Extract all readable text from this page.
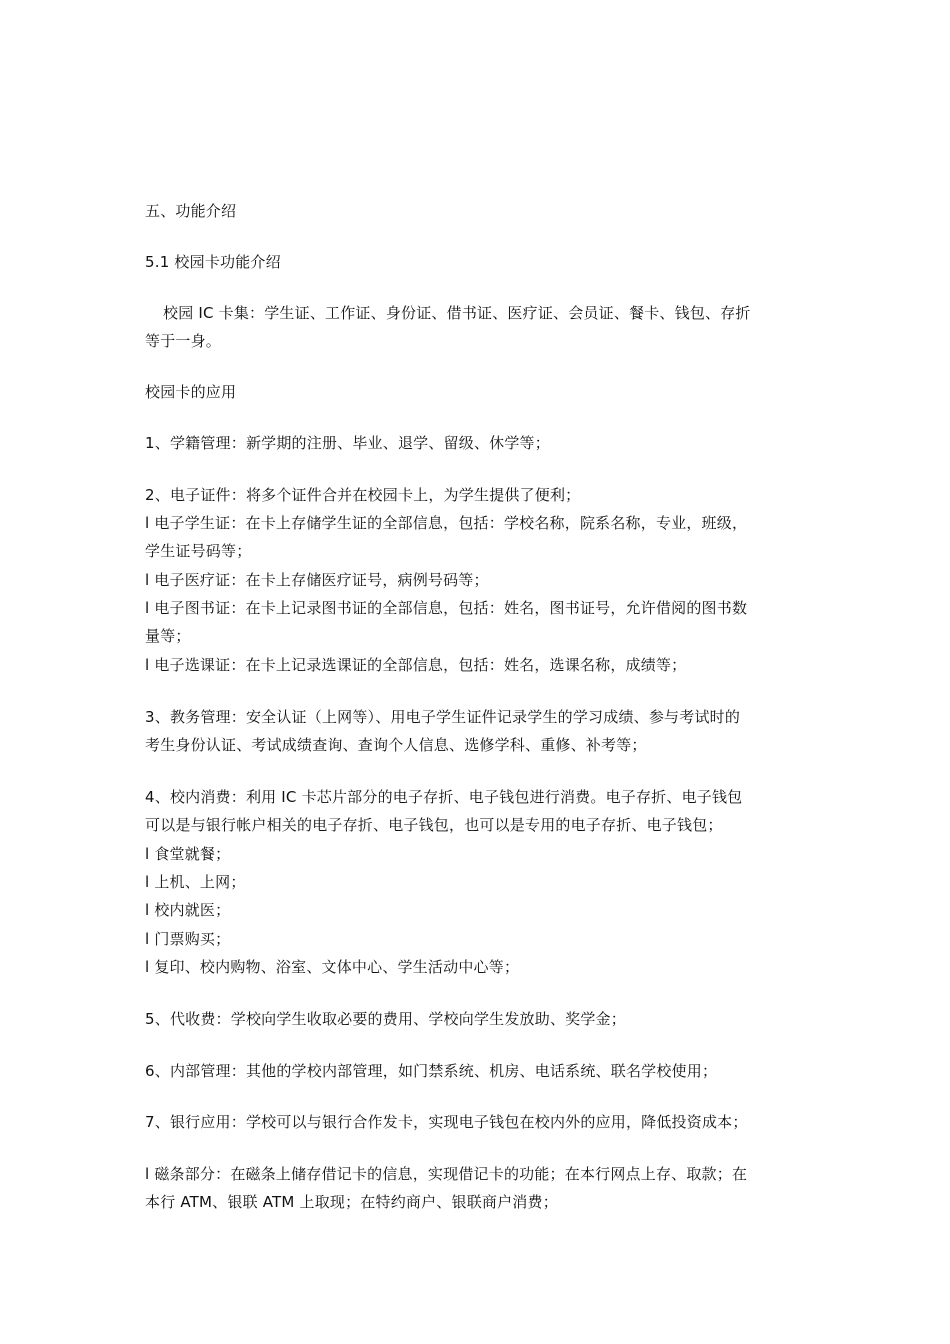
五、功能介绍
5.1 校园卡功能介绍
校园 IC 卡集：学生证、工作证、身份证、借书证、医疗证、会员证、餐卡、钱包、存折
等于一身。
校园卡的应用
1、学籍管理：新学期的注册、毕业、退学、留级、休学等；
2、电子证件：将多个证件合并在校园卡上，为学生提供了便利；
l 电子学生证：在卡上存储学生证的全部信息，包括：学校名称，院系名称，专业，班级，
学生证号码等；
l 电子医疗证：在卡上存储医疗证号，病例号码等；
l 电子图书证：在卡上记录图书证的全部信息，包括：姓名，图书证号，允许借阅的图书数
量等；
l 电子选课证：在卡上记录选课证的全部信息，包括：姓名，选课名称，成绩等；
3、教务管理：安全认证（上网等）、用电子学生证件记录学生的学习成绩、参与考试时的
考生身份认证、考试成绩查询、查询个人信息、选修学科、重修、补考等；
4、校内消费：利用 IC 卡芯片部分的电子存折、电子钱包进行消费。电子存折、电子钱包
可以是与银行帐户相关的电子存折、电子钱包，也可以是专用的电子存折、电子钱包；
l 食堂就餐；
l 上机、上网；
l 校内就医；
l 门票购买；
l 复印、校内购物、浴室、文体中心、学生活动中心等；
5、代收费：学校向学生收取必要的费用、学校向学生发放助、奖学金；
6、内部管理：其他的学校内部管理，如门禁系统、机房、电话系统、联名学校使用；
7、银行应用：学校可以与银行合作发卡，实现电子钱包在校内外的应用，降低投资成本；
l 磁条部分：在磁条上储存借记卡的信息，实现借记卡的功能；在本行网点上存、取款；在
本行 ATM、银联 ATM 上取现；在特约商户、银联商户消费；
